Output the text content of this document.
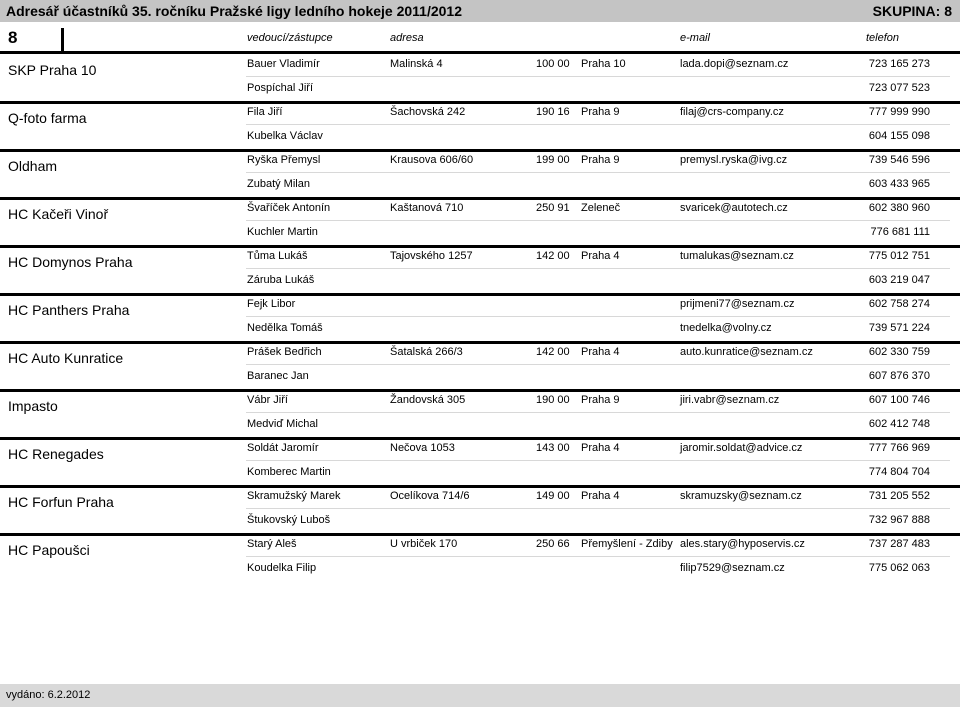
Adresář účastníků 35. ročníku Pražské ligy ledního hokeje 2011/2012	SKUPINA: 8
8	vedoucí/zástupce	adresa	e-mail	telefon
SKP Praha 10	Bauer Vladimír	Malinská 4	100 00 Praha 10	lada.dopi@seznam.cz	723 165 273
Pospíchal Jiří	723 077 523
Q-foto farma	Fila Jiří	Šachovská 242	190 16 Praha 9	filaj@crs-company.cz	777 999 990
Kubelka Václav	604 155 098
Oldham	Ryška Přemysl	Krausova 606/60	199 00 Praha 9	premysl.ryska@ivg.cz	739 546 596
Zubatý Milan	603 433 965
HC Kačeři Vinoř	Švaříček Antonín	Kaštanová 710	250 91 Zeleneč	svaricek@autotech.cz	602 380 960
Kuchler Martin	776 681 111
HC Domynos Praha	Tůma Lukáš	Tajovského 1257	142 00 Praha 4	tumalukas@seznam.cz	775 012 751
Záruba Lukáš	603 219 047
HC Panthers Praha	Fejk Libor	prijmeni77@seznam.cz	602 758 274
Nedělka Tomáš	tnedelka@volny.cz	739 571 224
HC Auto Kunratice	Prášek Bedřich	Šatalská 266/3	142 00 Praha 4	auto.kunratice@seznam.cz	602 330 759
Baranec Jan	607 876 370
Impasto	Vábr Jiří	Žandovská 305	190 00 Praha 9	jiri.vabr@seznam.cz	607 100 746
Medviď Michal	602 412 748
HC Renegades	Soldát Jaromír	Nečova 1053	143 00 Praha 4	jaromir.soldat@advice.cz	777 766 969
Komberec Martin	774 804 704
HC Forfun Praha	Skramužský Marek	Ocelíkova 714/6	149 00 Praha 4	skramuzsky@seznam.cz	731 205 552
Štukovský Luboš	732 967 888
HC Papoušci	Starý Aleš	U vrbiček 170	250 66 Přemyšlení - Zdiby ales.stary@hyposervis.cz	737 287 483
Koudelka Filip	filip7529@seznam.cz	775 062 063
vydáno: 6.2.2012
